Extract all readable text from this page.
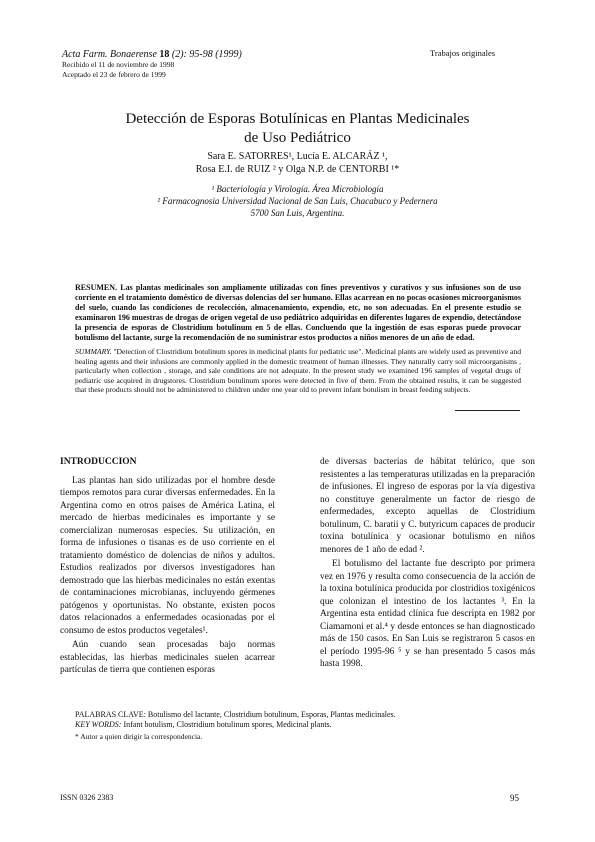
Acta Farm. Bonaerense 18 (2): 95-98 (1999)	Trabajos originales
Recibido el 11 de noviembre de 1998
Aceptado el 23 de febrero de 1999
Detección de Esporas Botulínicas en Plantas Medicinales
de Uso Pediátrico
Sara E. SATORRES¹, Lucía E. ALCARÁZ ¹,
Rosa E.I. de RUIZ ² y Olga N.P. de CENTORBI ¹*
¹ Bacteriología y Virología. Área Microbiología
² Farmacognosia Universidad Nacional de San Luis, Chacabuco y Pedernera
5700 San Luis, Argentina.
RESUMEN. Las plantas medicinales son ampliamente utilizadas con fines preventivos y curativos y sus infusiones son de uso corriente en el tratamiento doméstico de diversas dolencias del ser humano. Ellas acarrean en no pocas ocasiones microorganismos del suelo, cuando las condiciones de recolección, almacenamiento, expendio, etc, no son adecuadas. En el presente estudio se examinaron 196 muestras de drogas de origen vegetal de uso pediátrico adquiridas en diferentes lugares de expendio, detectándose la presencia de esporas de Clostridium botulinum en 5 de ellas. Concluendo que la ingestión de esas esporas puede provocar botulismo del lactante, surge la recomendación de no suministrar estos productos a niños menores de un año de edad.
SUMMARY. "Detection of Clostridium botulinum spores in medicinal plants for pediatric use". Medicinal plants are widely used as preventive and healing agents and their infusions are commonly applied in the domestic treatment of human illnesses. They naturally carry soil microorganisms , particularly when collection , storage, and sale conditions are not adequate. In the present study we examined 196 samples of vegetal drugs of pediatric use acquired in drugstores. Clostridium botulinum spores were detected in five of them. From the obtained results, it can be suggested that these products should not be administered to children under one year old to prevent infant botulism in breast feeding subjects.

INTRODUCCION

Las plantas han sido utilizadas por el hombre desde tiempos remotos para curar diversas enfermedades. En la Argentina como en otros países de América Latina, el mercado de hierbas medicinales es importante y se comercializan numerosas especies. Su utilización, en forma de infusiones o tisanas es de uso corriente en el tratamiento doméstico de dolencias de niños y adultos. Estudios realizados por diversos investigadores han demostrado que las hierbas medicinales no están exentas de contaminaciones microbianas, incluyendo gérmenes patógenos y oportunistas. No obstante, existen pocos datos relacionados a enfermedades ocasionadas por el consumo de estos productos vegetales¹.

Aún cuando sean procesadas bajo normas establecidas, las hierbas medicinales suelen acarrear partículas de tierra que contienen esporas

de diversas bacterias de hábitat telúrico, que son resistentes a las temperaturas utilizadas en la preparación de infusiones. El ingreso de esporas por la vía digestiva no constituye generalmente un factor de riesgo de enfermedades, excepto aquellas de Clostridium botulinum, C. baratii y C. butyricum capaces de producir toxina botulínica y ocasionar botulismo en niños menores de 1 año de edad ².

El botulismo del lactante fue descripto por primera vez en 1976 y resulta como consecuencia de la acción de la toxina botulínica producida por clostridios toxigénicos que colonizan el intestino de los lactantes ³. En la Argentina esta entidad clínica fue descripta en 1982 por Ciamamoni et al.⁴ y desde entonces se han diagnosticado más de 150 casos. En San Luis se registraron 5 casos en el período 1995-96 ⁵ y se han presentado 5 casos más hasta 1998.

PALABRAS CLAVE: Botulismo del lactante, Clostridium botulinum, Esporas, Plantas medicinales.
KEY WORDS: Infant botulism, Clostridium botulinum spores, Medicinal plants.
* Autor a quien dirigir la correspondencia.
ISSN 0326 2383	95
